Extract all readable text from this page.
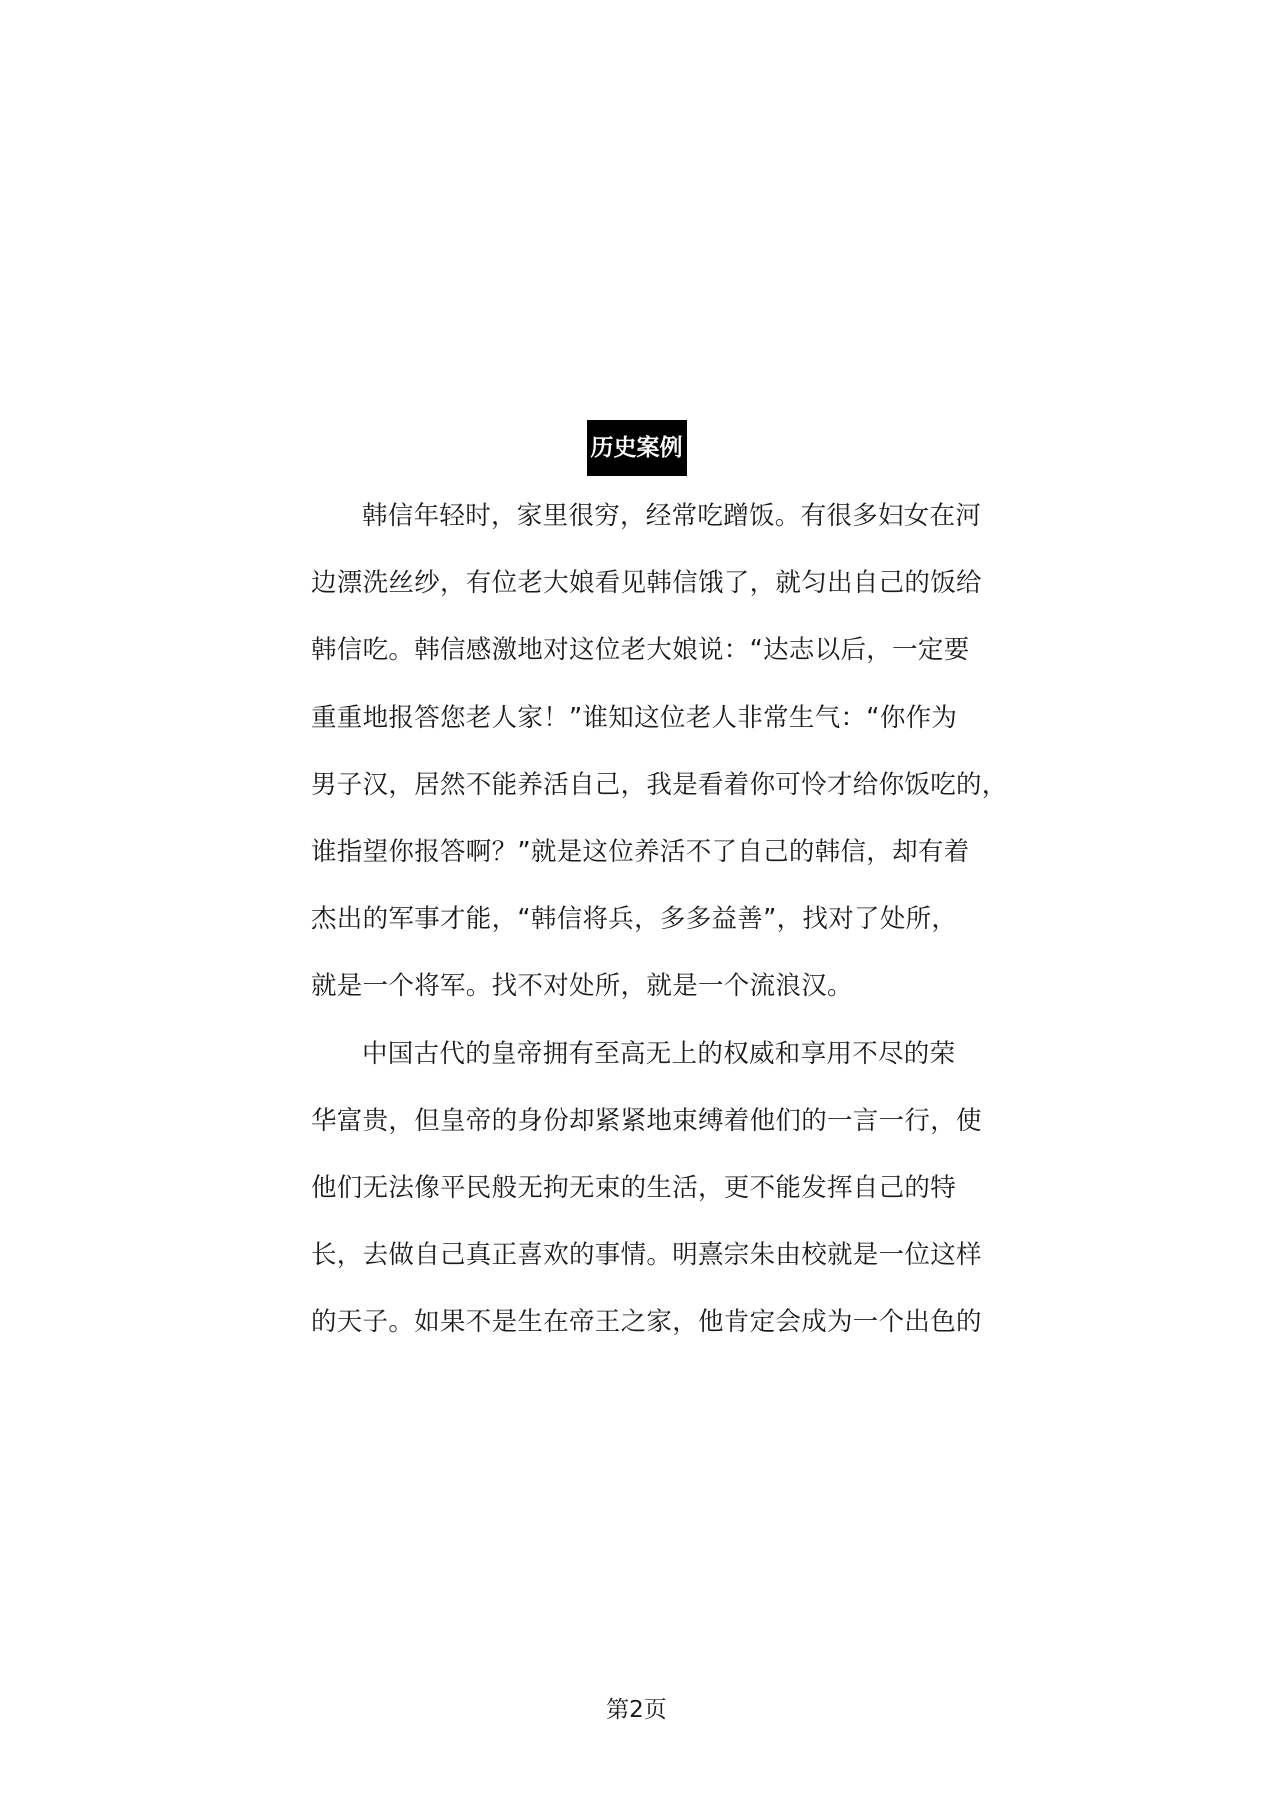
历史案例
韩信年轻时，家里很穷，经常吃蹭饭。有很多妇女在河
边漂洗丝纱，有位老大娘看见韩信饿了，就匀出自己的饭给
韩信吃。韩信感激地对这位老大娘说：“达志以后，一定要
重重地报答您老人家！”谁知这位老人非常生气：“你作为
男子汉，居然不能养活自己，我是看着你可怜才给你饭吃的，
谁指望你报答啊？”就是这位养活不了自己的韩信，却有着
杰出的军事才能，“韩信将兵，多多益善”，找对了处所，
就是一个将军。找不对处所，就是一个流浪汉。
中国古代的皇帝拥有至高无上的权威和享用不尽的荣
华富贵，但皇帝的身份却紧紧地束缚着他们的一言一行，使
他们无法像平民般无拘无束的生活，更不能发挥自己的特
长，去做自己真正喜欢的事情。明熹宗朱由校就是一位这样
的天子。如果不是生在帝王之家，他肯定会成为一个出色的
第2页
